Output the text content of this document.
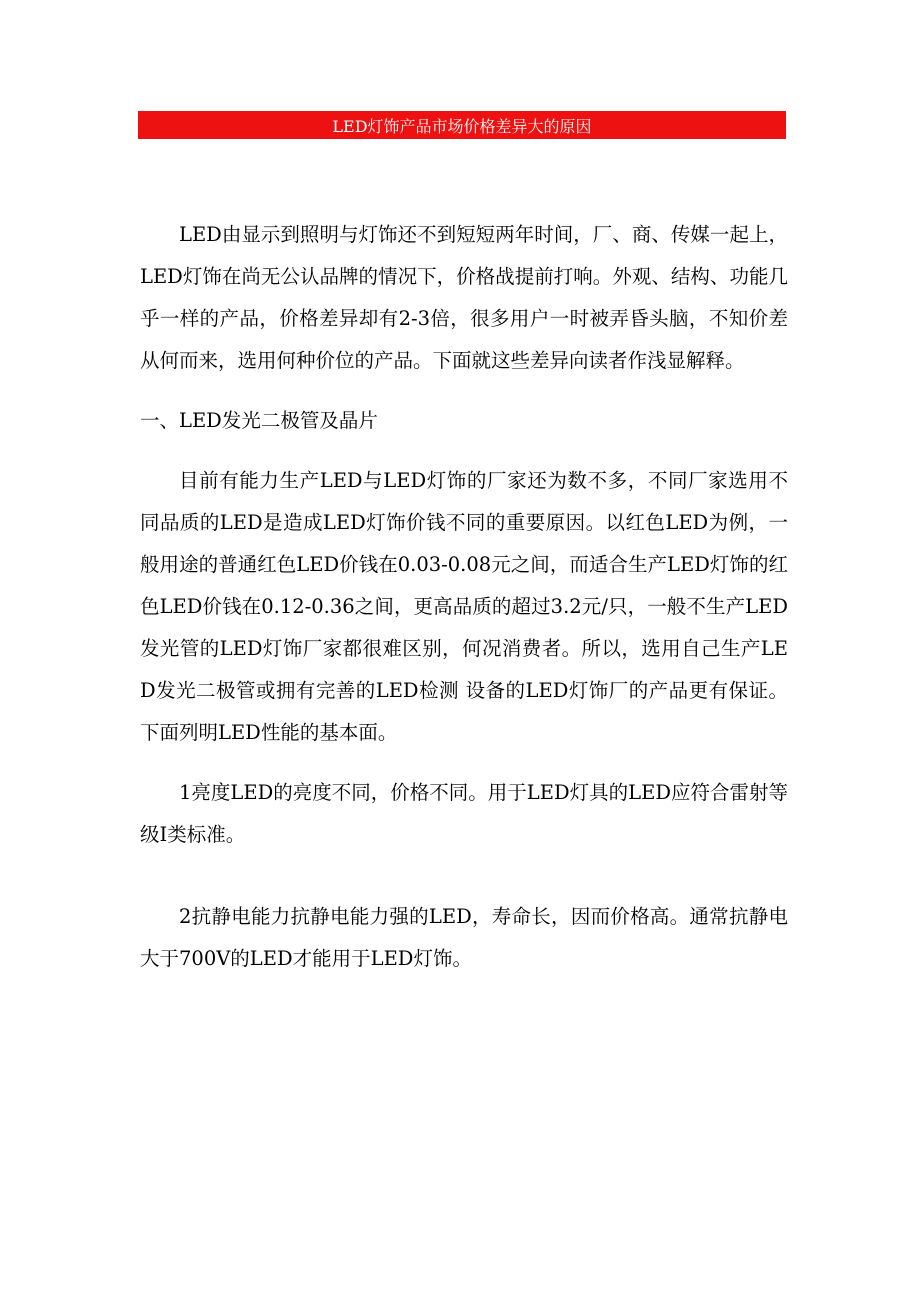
LED灯饰产品市场价格差异大的原因

LED由显示到照明与灯饰还不到短短两年时间，厂、商、传媒一起上，LED灯饰在尚无公认品牌的情况下，价格战提前打响。外观、结构、功能几乎一样的产品，价格差异却有2-3倍，很多用户一时被弄昏头脑，不知价差从何而来，选用何种价位的产品。下面就这些差异向读者作浅显解释。

一、LED发光二极管及晶片

目前有能力生产LED与LED灯饰的厂家还为数不多，不同厂家选用不同品质的LED是造成LED灯饰价钱不同的重要原因。以红色LED为例，一般用途的普通红色LED价钱在0.03-0.08元之间，而适合生产LED灯饰的红色LED价钱在0.12-0.36之间，更高品质的超过3.2元/只，一般不生产LED发光管的LED灯饰厂家都很难区别，何况消费者。所以，选用自己生产LED发光二极管或拥有完善的LED检测 设备的LED灯饰厂的产品更有保证。下面列明LED性能的基本面。

1亮度LED的亮度不同，价格不同。用于LED灯具的LED应符合雷射等级Ⅰ类标准。

2抗静电能力抗静电能力强的LED，寿命长，因而价格高。通常抗静电大于700V的LED才能用于LED灯饰。
